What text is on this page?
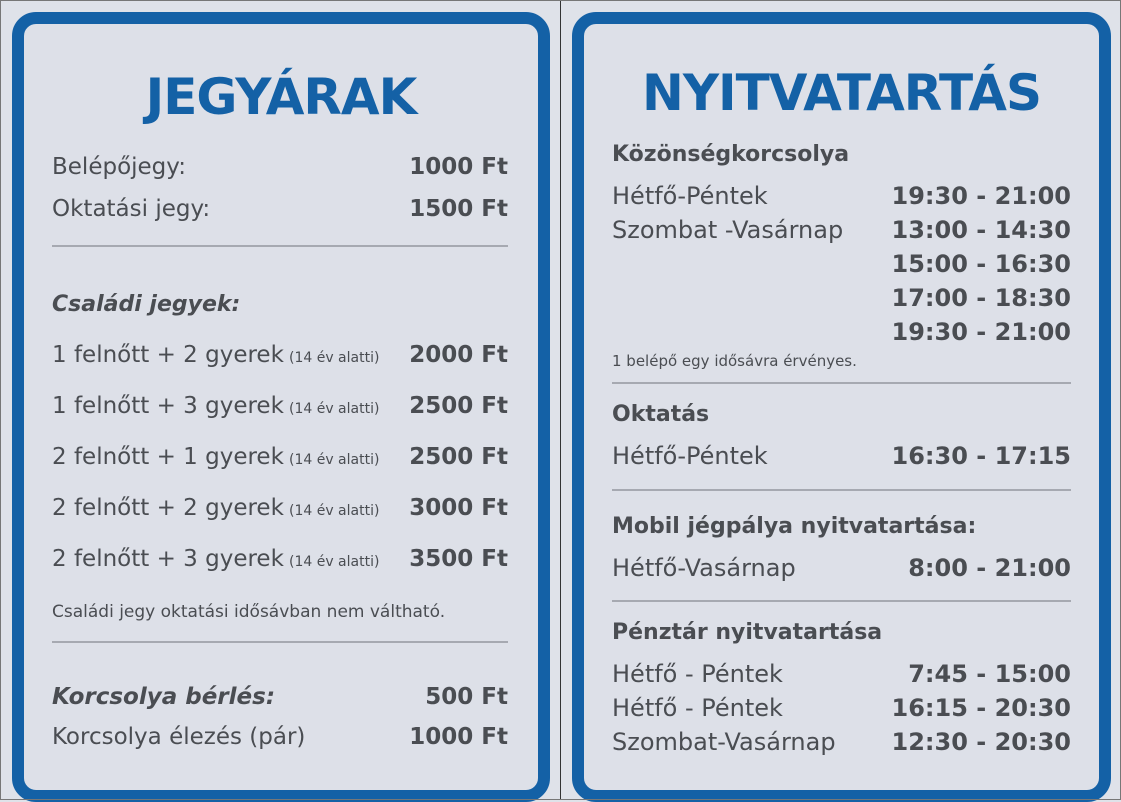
JEGYÁRAK
Belépőjegy:	1000 Ft
Oktatási jegy:	1500 Ft
Családi jegyek:
1 felnőtt + 2 gyerek (14 év alatti) 2000 Ft
1 felnőtt + 3 gyerek (14 év alatti) 2500 Ft
2 felnőtt + 1 gyerek (14 év alatti) 2500 Ft
2 felnőtt + 2 gyerek (14 év alatti) 3000 Ft
2 felnőtt + 3 gyerek (14 év alatti) 3500 Ft
Családi jegy oktatási idősávban nem váltható.
Korcsolya bérlés:	500 Ft
Korcsolya élezés (pár)	1000 Ft
NYITVATARTÁS
Közönségkorcsolya
Hétfő-Péntek	19:30 - 21:00
Szombat -Vasárnap 13:00 - 14:30
15:00 - 16:30
17:00 - 18:30
19:30 - 21:00
1 belépő egy idősávra érvényes.
Oktatás
Hétfő-Péntek	16:30 - 17:15
Mobil jégpálya nyitvatartása:
Hétfő-Vasárnap	8:00 - 21:00
Pénztár nyitvatartása
Hétfő - Péntek	7:45 - 15:00
Hétfő - Péntek	16:15 - 20:30
Szombat-Vasárnap 12:30 - 20:30
